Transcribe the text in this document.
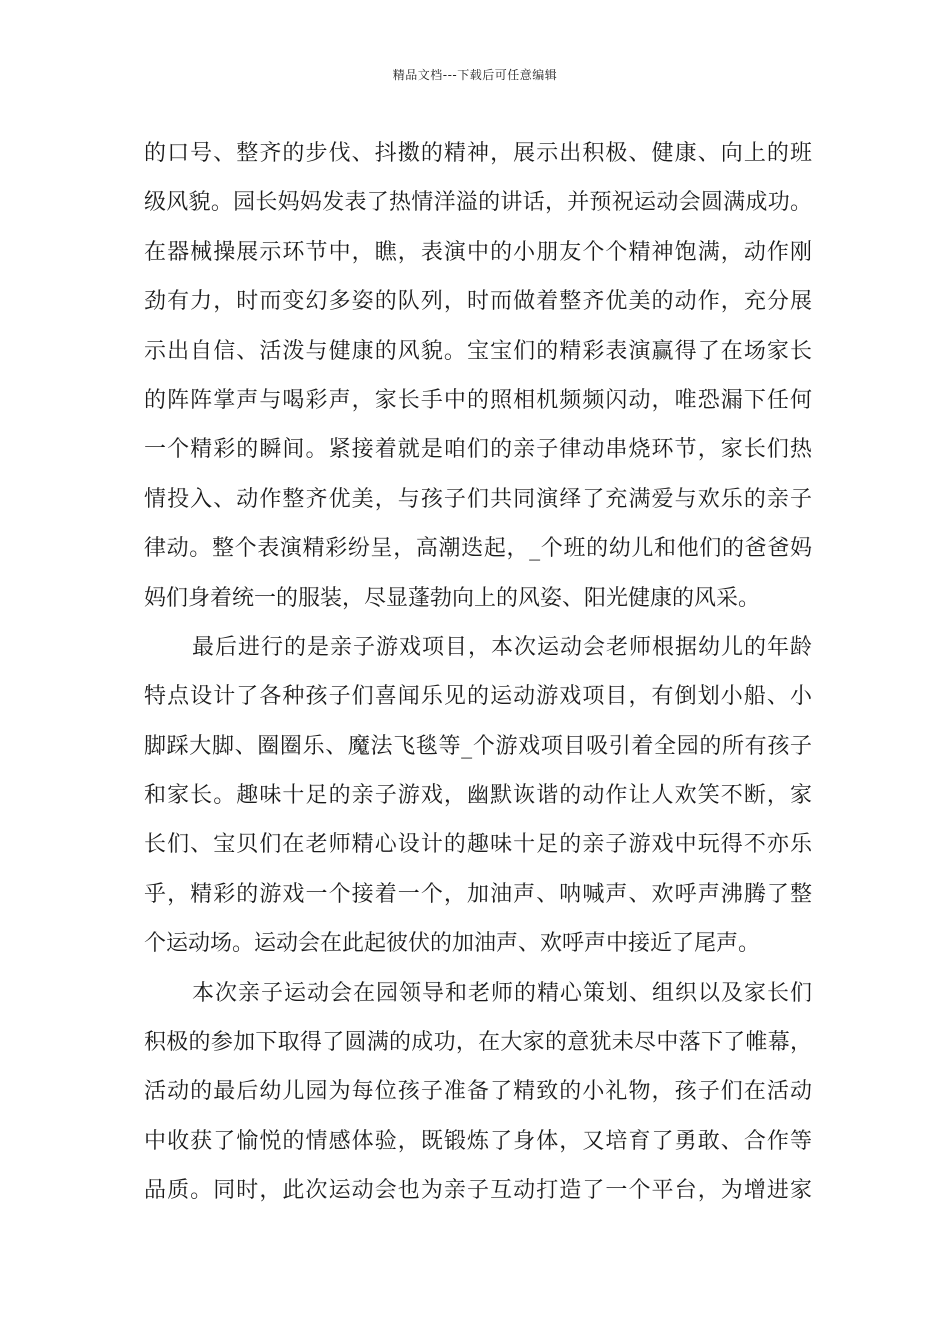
精品文档---下载后可任意编辑
的口号、整齐的步伐、抖擞的精神，展示出积极、健康、向上的班
级风貌。园长妈妈发表了热情洋溢的讲话，并预祝运动会圆满成功。
在器械操展示环节中，瞧，表演中的小朋友个个精神饱满，动作刚
劲有力，时而变幻多姿的队列，时而做着整齐优美的动作，充分展
示出自信、活泼与健康的风貌。宝宝们的精彩表演赢得了在场家长
的阵阵掌声与喝彩声，家长手中的照相机频频闪动，唯恐漏下任何
一个精彩的瞬间。紧接着就是咱们的亲子律动串烧环节，家长们热
情投入、动作整齐优美，与孩子们共同演绎了充满爱与欢乐的亲子
律动。整个表演精彩纷呈，高潮迭起，_个班的幼儿和他们的爸爸妈
妈们身着统一的服装，尽显蓬勃向上的风姿、阳光健康的风采。
最后进行的是亲子游戏项目，本次运动会老师根据幼儿的年龄
特点设计了各种孩子们喜闻乐见的运动游戏项目，有倒划小船、小
脚踩大脚、圈圈乐、魔法飞毯等_个游戏项目吸引着全园的所有孩子
和家长。趣味十足的亲子游戏，幽默诙谐的动作让人欢笑不断，家
长们、宝贝们在老师精心设计的趣味十足的亲子游戏中玩得不亦乐
乎，精彩的游戏一个接着一个，加油声、呐喊声、欢呼声沸腾了整
个运动场。运动会在此起彼伏的加油声、欢呼声中接近了尾声。
本次亲子运动会在园领导和老师的精心策划、组织以及家长们
积极的参加下取得了圆满的成功，在大家的意犹未尽中落下了帷幕，
活动的最后幼儿园为每位孩子准备了精致的小礼物，孩子们在活动
中收获了愉悦的情感体验，既锻炼了身体，又培育了勇敢、合作等
品质。同时，此次运动会也为亲子互动打造了一个平台，为增进家
